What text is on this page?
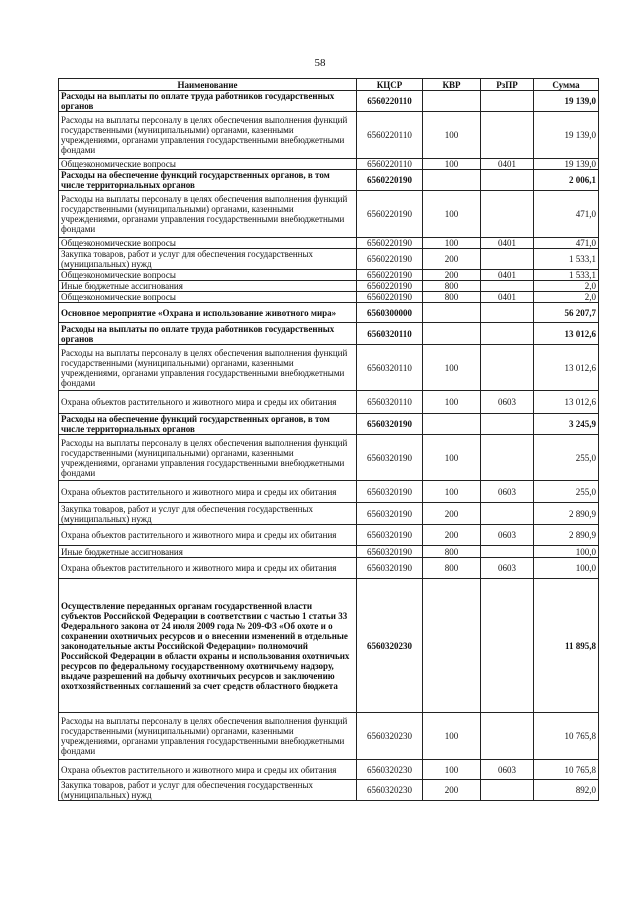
58
Наименование	КЦСР	КВР	РзПР	Сумма
Расходы на выплаты по оплате труда работников государственных органов	6560220110			19 139,0
Расходы на выплаты персоналу в целях обеспечения выполнения функций государственными (муниципальными) органами, казенными учреждениями, органами управления государственными внебюджетными фондами	6560220110	100		19 139,0
Общеэкономические вопросы	6560220110	100	0401	19 139,0
Расходы на обеспечение функций государственных органов, в том числе территориальных органов	6560220190			2 006,1
Расходы на выплаты персоналу в целях обеспечения выполнения функций государственными (муниципальными) органами, казенными учреждениями, органами управления государственными внебюджетными фондами	6560220190	100		471,0
Общеэкономические вопросы	6560220190	100	0401	471,0
Закупка товаров, работ и услуг для обеспечения государственных (муниципальных) нужд	6560220190	200		1 533,1
Общеэкономические вопросы	6560220190	200	0401	1 533,1
Иные бюджетные ассигнования	6560220190	800		2,0
Общеэкономические вопросы	6560220190	800	0401	2,0
Основное мероприятие «Охрана и использование животного мира»	6560300000			56 207,7
Расходы на выплаты по оплате труда работников государственных органов	6560320110			13 012,6
Расходы на выплаты персоналу в целях обеспечения выполнения функций государственными (муниципальными) органами, казенными учреждениями, органами управления государственными внебюджетными фондами	6560320110	100		13 012,6
Охрана объектов растительного и животного мира и среды их обитания	6560320110	100	0603	13 012,6
Расходы на обеспечение функций государственных органов, в том числе территориальных органов	6560320190			3 245,9
Расходы на выплаты персоналу в целях обеспечения выполнения функций государственными (муниципальными) органами, казенными учреждениями, органами управления государственными внебюджетными фондами	6560320190	100		255,0
Охрана объектов растительного и животного мира и среды их обитания	6560320190	100	0603	255,0
Закупка товаров, работ и услуг для обеспечения государственных (муниципальных) нужд	6560320190	200		2 890,9
Охрана объектов растительного и животного мира и среды их обитания	6560320190	200	0603	2 890,9
Иные бюджетные ассигнования	6560320190	800		100,0
Охрана объектов растительного и животного мира и среды их обитания	6560320190	800	0603	100,0
Осуществление переданных органам государственной власти субъектов Российской Федерации в соответствии с частью 1 статьи 33 Федерального закона от 24 июля 2009 года № 209-ФЗ «Об охоте и о сохранении охотничьих ресурсов и о внесении изменений в отдельные законодательные акты Российской Федерации» полномочий Российской Федерации в области охраны и использования охотничьих ресурсов по федеральному государственному охотничьему надзору, выдаче разрешений на добычу охотничьих ресурсов и заключению охотхозяйственных соглашений за счет средств областного бюджета	6560320230			11 895,8
Расходы на выплаты персоналу в целях обеспечения выполнения функций государственными (муниципальными) органами, казенными учреждениями, органами управления государственными внебюджетными фондами	6560320230	100		10 765,8
Охрана объектов растительного и животного мира и среды их обитания	6560320230	100	0603	10 765,8
Закупка товаров, работ и услуг для обеспечения государственных (муниципальных) нужд	6560320230	200		892,0
